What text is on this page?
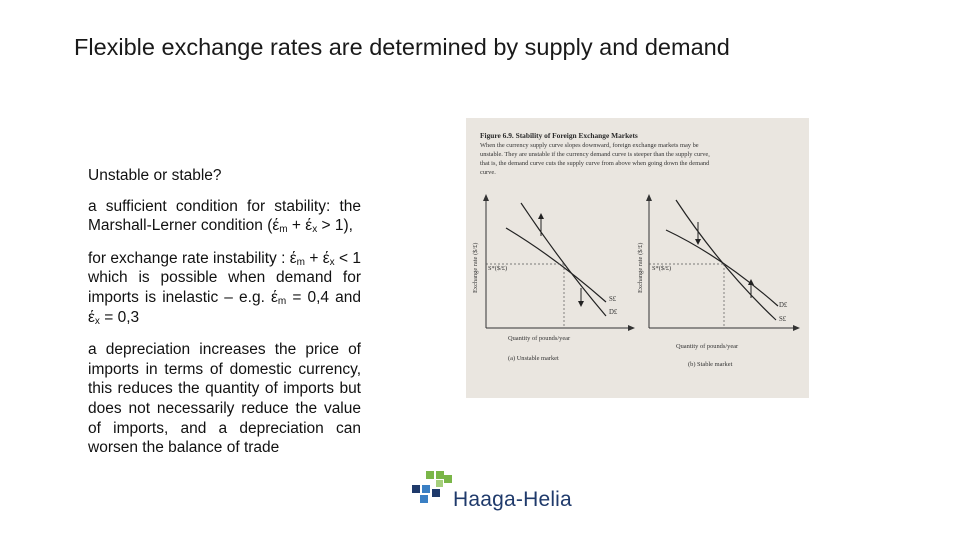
Flexible exchange rates are determined by supply and demand

Unstable or stable?

a sufficient condition for stability: the Marshall-Lerner condition $(έ_m + έ_x > 1)$,

for exchange rate instability : $έ_m + έ_x < 1$ which is possible when demand for imports is inelastic – e.g. $έ_m = 0,4$ and $έ_x = 0,3$

a depreciation increases the price of imports in terms of domestic currency, this reduces the quantity of imports but does not necessarily reduce the value of imports, and a depreciation can worsen the balance of trade

Figure 6.9. Stability of Foreign Exchange Markets
When the currency supply curve slopes downward, foreign exchange markets may be
unstable. They are unstable if the currency demand curve is steeper than the supply curve,
that is, the demand curve cuts the supply curve from above when going down the demand
curve.
Exchange rate ($/£) S*($/£)
S£
D£
Quantity of pounds/year
(a) Unstable market
Exchange rate ($/£) S*($/£)
D£
S£
Quantity of pounds/year
(b) Stable market
Haaga-Helia
